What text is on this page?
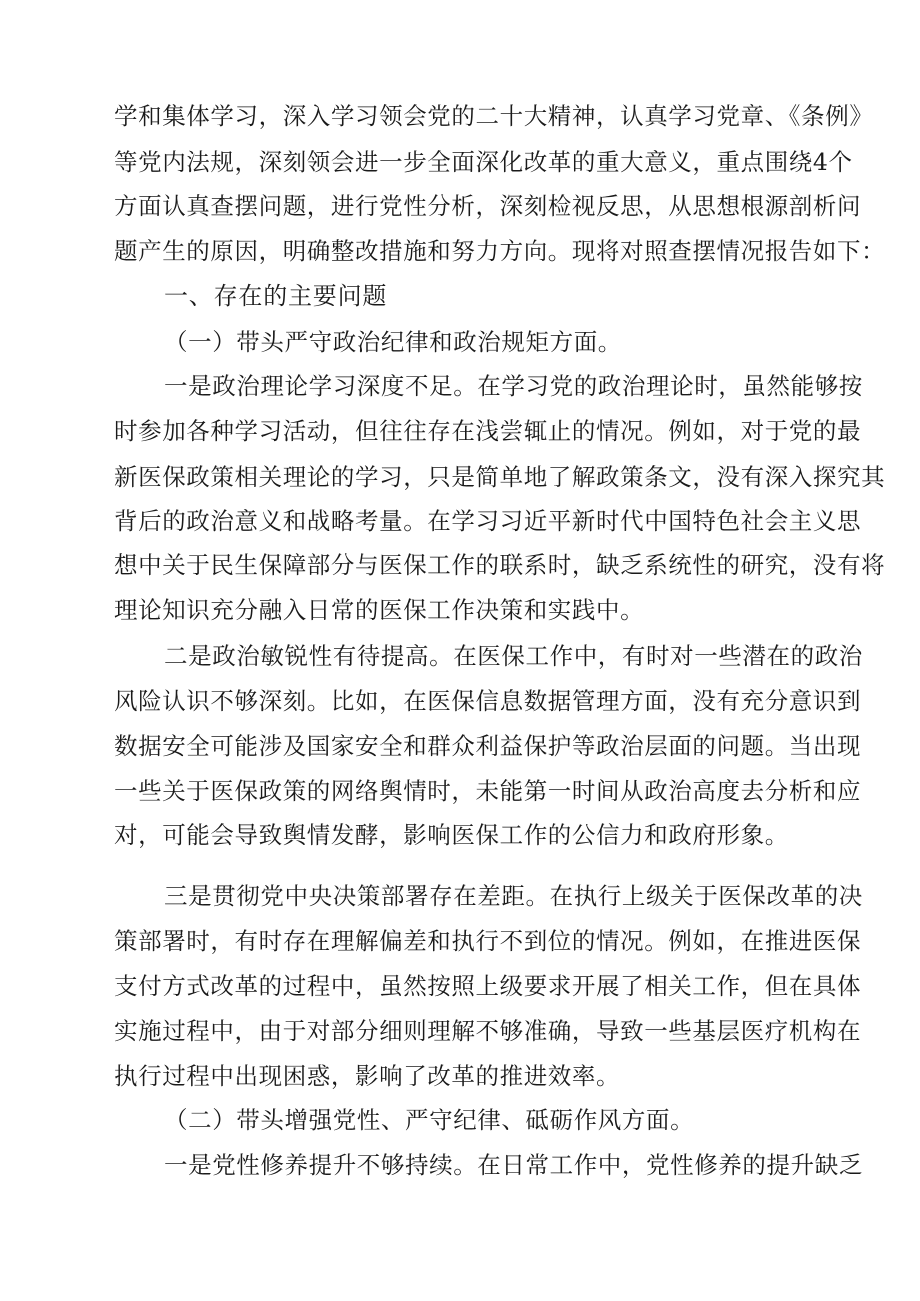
学和集体学习，深入学习领会党的二十大精神，认真学习党章、《条例》
等党内法规，深刻领会进一步全面深化改革的重大意义，重点围绕4个
方面认真查摆问题，进行党性分析，深刻检视反思，从思想根源剖析问
题产生的原因，明确整改措施和努力方向。现将对照查摆情况报告如下：
一、存在的主要问题
（一）带头严守政治纪律和政治规矩方面。
一是政治理论学习深度不足。在学习党的政治理论时，虽然能够按
时参加各种学习活动，但往往存在浅尝辄止的情况。例如，对于党的最
新医保政策相关理论的学习，只是简单地了解政策条文，没有深入探究其
背后的政治意义和战略考量。在学习习近平新时代中国特色社会主义思
想中关于民生保障部分与医保工作的联系时，缺乏系统性的研究，没有将
理论知识充分融入日常的医保工作决策和实践中。
二是政治敏锐性有待提高。在医保工作中，有时对一些潜在的政治
风险认识不够深刻。比如，在医保信息数据管理方面，没有充分意识到
数据安全可能涉及国家安全和群众利益保护等政治层面的问题。当出现
一些关于医保政策的网络舆情时，未能第一时间从政治高度去分析和应
对，可能会导致舆情发酵，影响医保工作的公信力和政府形象。
三是贯彻党中央决策部署存在差距。在执行上级关于医保改革的决
策部署时，有时存在理解偏差和执行不到位的情况。例如，在推进医保
支付方式改革的过程中，虽然按照上级要求开展了相关工作，但在具体
实施过程中，由于对部分细则理解不够准确，导致一些基层医疗机构在
执行过程中出现困惑，影响了改革的推进效率。
（二）带头增强党性、严守纪律、砥砺作风方面。
一是党性修养提升不够持续。在日常工作中，党性修养的提升缺乏
